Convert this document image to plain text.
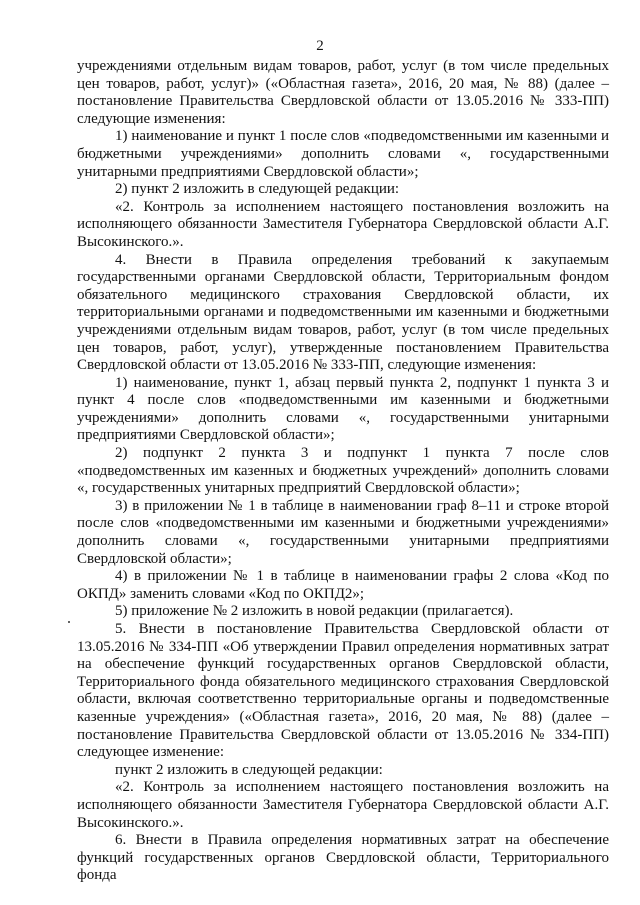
2

учреждениями отдельным видам товаров, работ, услуг (в том числе предельных цен товаров, работ, услуг)» («Областная газета», 2016, 20 мая, № 88) (далее – постановление Правительства Свердловской области от 13.05.2016 № 333-ПП) следующие изменения:

1) наименование и пункт 1 после слов «подведомственными им казенными и бюджетными учреждениями» дополнить словами «, государственными унитарными предприятиями Свердловской области»;

2) пункт 2 изложить в следующей редакции:

«2. Контроль за исполнением настоящего постановления возложить на исполняющего обязанности Заместителя Губернатора Свердловской области А.Г. Высокинского.».

4. Внести в Правила определения требований к закупаемым государственными органами Свердловской области, Территориальным фондом обязательного медицинского страхования Свердловской области, их территориальными органами и подведомственными им казенными и бюджетными учреждениями отдельным видам товаров, работ, услуг (в том числе предельных цен товаров, работ, услуг), утвержденные постановлением Правительства Свердловской области от 13.05.2016 № 333-ПП, следующие изменения:

1) наименование, пункт 1, абзац первый пункта 2, подпункт 1 пункта 3 и пункт 4 после слов «подведомственными им казенными и бюджетными учреждениями» дополнить словами «, государственными унитарными предприятиями Свердловской области»;

2) подпункт 2 пункта 3 и подпункт 1 пункта 7 после слов «подведомственных им казенных и бюджетных учреждений» дополнить словами «, государственных унитарных предприятий Свердловской области»;

3) в приложении № 1 в таблице в наименовании граф 8–11 и строке второй после слов «подведомственными им казенными и бюджетными учреждениями» дополнить словами «, государственными унитарными предприятиями Свердловской области»;

4) в приложении № 1 в таблице в наименовании графы 2 слова «Код по ОКПД» заменить словами «Код по ОКПД2»;

5) приложение № 2 изложить в новой редакции (прилагается).

5. Внести в постановление Правительства Свердловской области от 13.05.2016 № 334-ПП «Об утверждении Правил определения нормативных затрат на обеспечение функций государственных органов Свердловской области, Территориального фонда обязательного медицинского страхования Свердловской области, включая соответственно территориальные органы и подведомственные казенные учреждения» («Областная газета», 2016, 20 мая, № 88) (далее – постановление Правительства Свердловской области от 13.05.2016 № 334-ПП) следующее изменение:

пункт 2 изложить в следующей редакции:

«2. Контроль за исполнением настоящего постановления возложить на исполняющего обязанности Заместителя Губернатора Свердловской области А.Г. Высокинского.».

6. Внести в Правила определения нормативных затрат на обеспечение функций государственных органов Свердловской области, Территориального фонда
